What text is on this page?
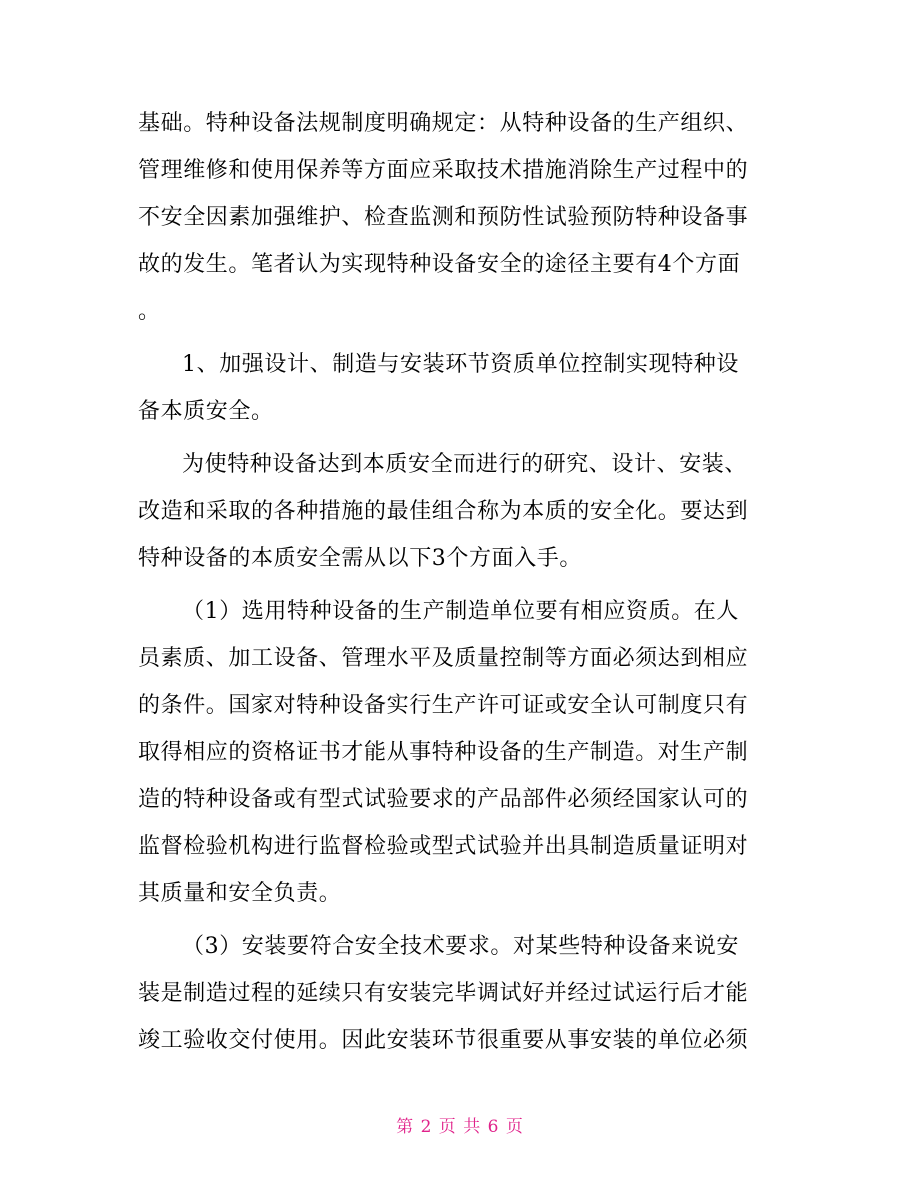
基础。特种设备法规制度明确规定：从特种设备的生产组织、
管理维修和使用保养等方面应采取技术措施消除生产过程中的
不安全因素加强维护、检查监测和预防性试验预防特种设备事
故的发生。笔者认为实现特种设备安全的途径主要有4个方面
。
1、加强设计、制造与安装环节资质单位控制实现特种设
备本质安全。
为使特种设备达到本质安全而进行的研究、设计、安装、
改造和采取的各种措施的最佳组合称为本质的安全化。要达到
特种设备的本质安全需从以下3个方面入手。
（1）选用特种设备的生产制造单位要有相应资质。在人
员素质、加工设备、管理水平及质量控制等方面必须达到相应
的条件。国家对特种设备实行生产许可证或安全认可制度只有
取得相应的资格证书才能从事特种设备的生产制造。对生产制
造的特种设备或有型式试验要求的产品部件必须经国家认可的
监督检验机构进行监督检验或型式试验并出具制造质量证明对
其质量和安全负责。
（3）安装要符合安全技术要求。对某些特种设备来说安
装是制造过程的延续只有安装完毕调试好并经过试运行后才能
竣工验收交付使用。因此安装环节很重要从事安装的单位必须
第 2 页 共 6 页
